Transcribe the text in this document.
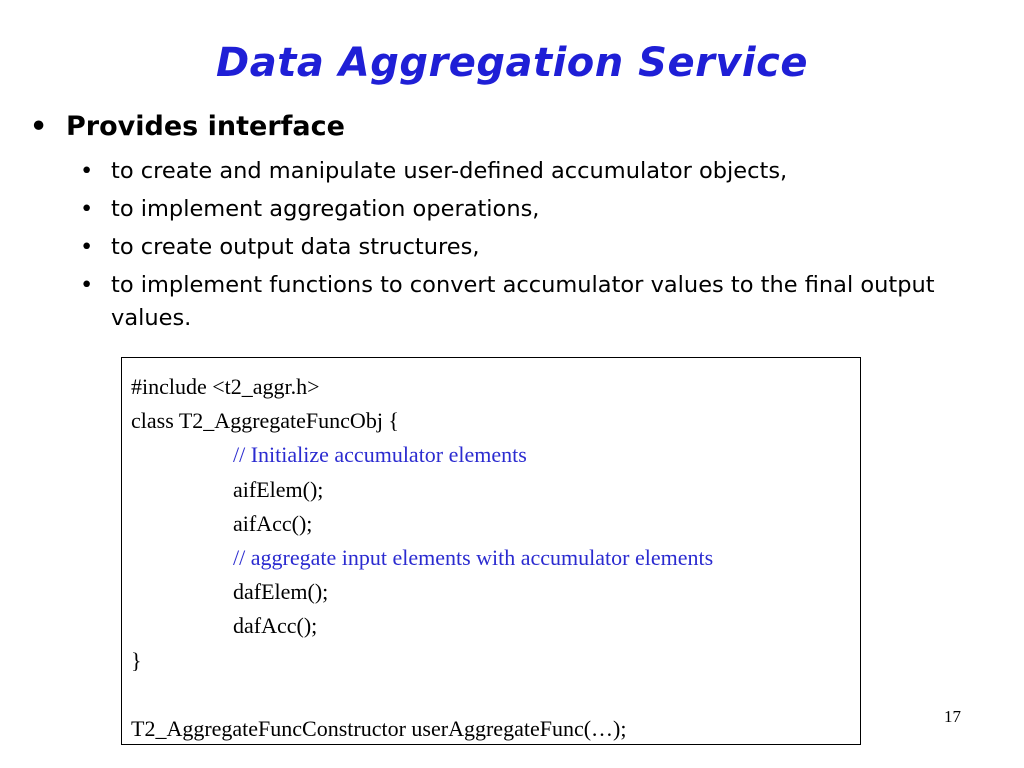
Data Aggregation Service
• Provides interface
• to create and manipulate user-defined accumulator objects,
• to implement aggregation operations,
• to create output data structures,
• to implement functions to convert accumulator values to the final output values.
#include <t2_aggr.h>
class T2_AggregateFuncObj {
// Initialize accumulator elements
aifElem();
aifAcc();
// aggregate input elements with accumulator elements
dafElem();
dafAcc();
}
T2_AggregateFuncConstructor userAggregateFunc(…);	17
